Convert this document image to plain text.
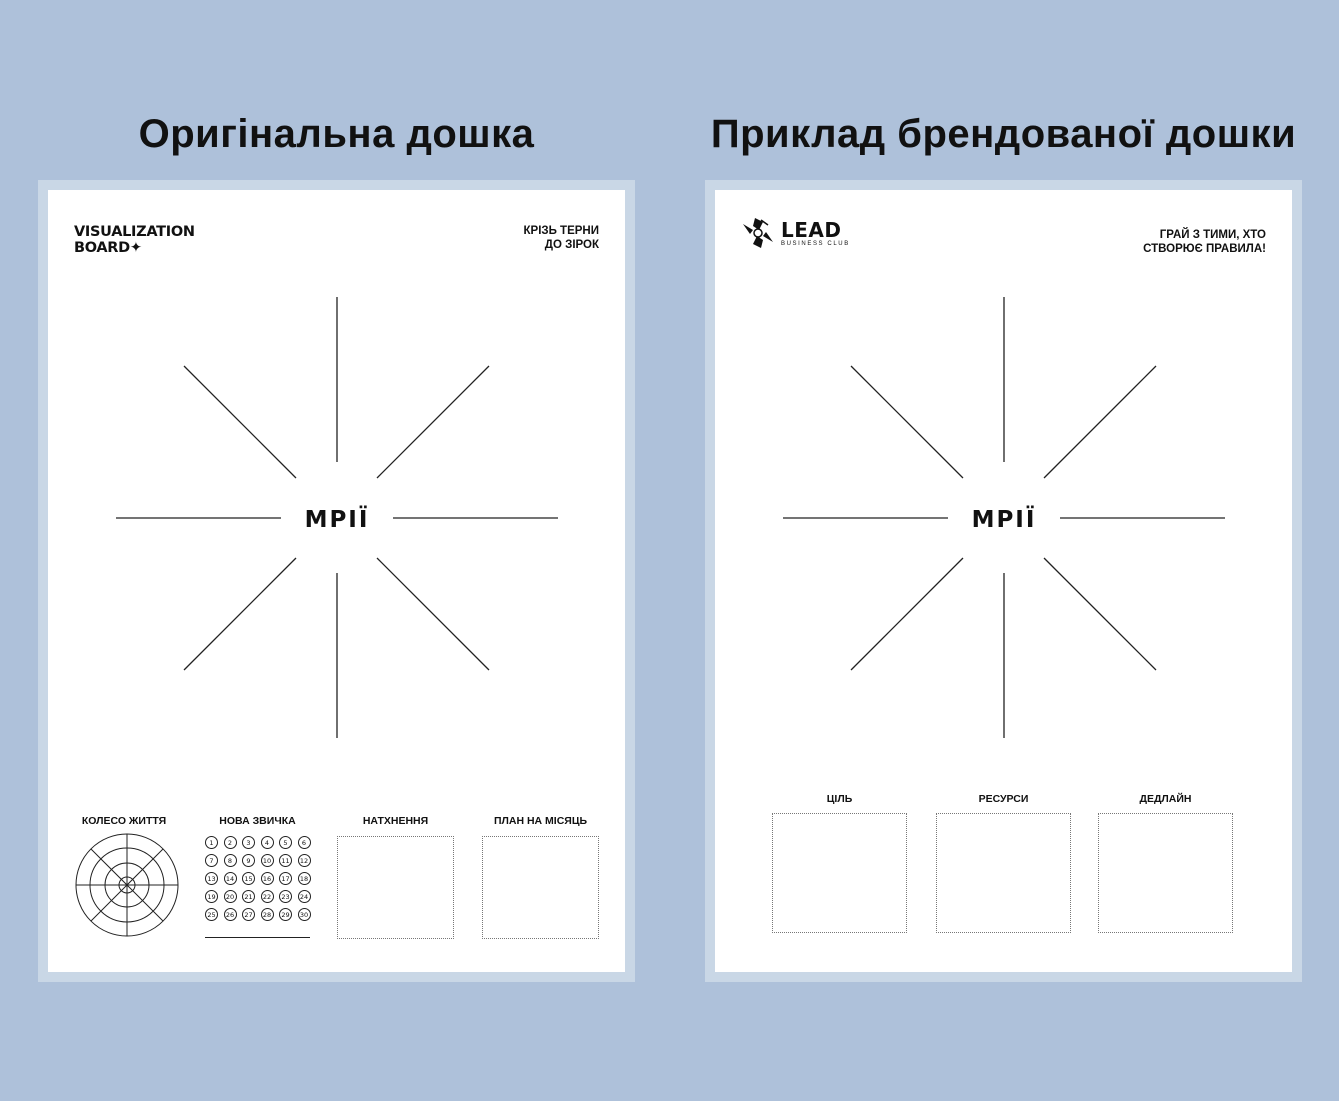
Оригінальна дошка	Приклад брендованої дошки
VISUALIZATION
BOARD✦
КРІЗЬ ТЕРНИ
ДО ЗІРОК
МРІЇ
КОЛЕСО ЖИТТЯ	НОВА ЗВИЧКА	НАТХНЕННЯ	ПЛАН НА МІСЯЦЬ
1	2	3	4	5	6
7	8	9	10	11	12
13	14	15	16	17	18
19	20	21	22	23	24
25	26	27	28	29	30
LEAD
BUSINESS CLUB
ГРАЙ З ТИМИ, ХТО
СТВОРЮЄ ПРАВИЛА!
МРІЇ
ЦІЛЬ	РЕСУРСИ	ДЕДЛАЙН
